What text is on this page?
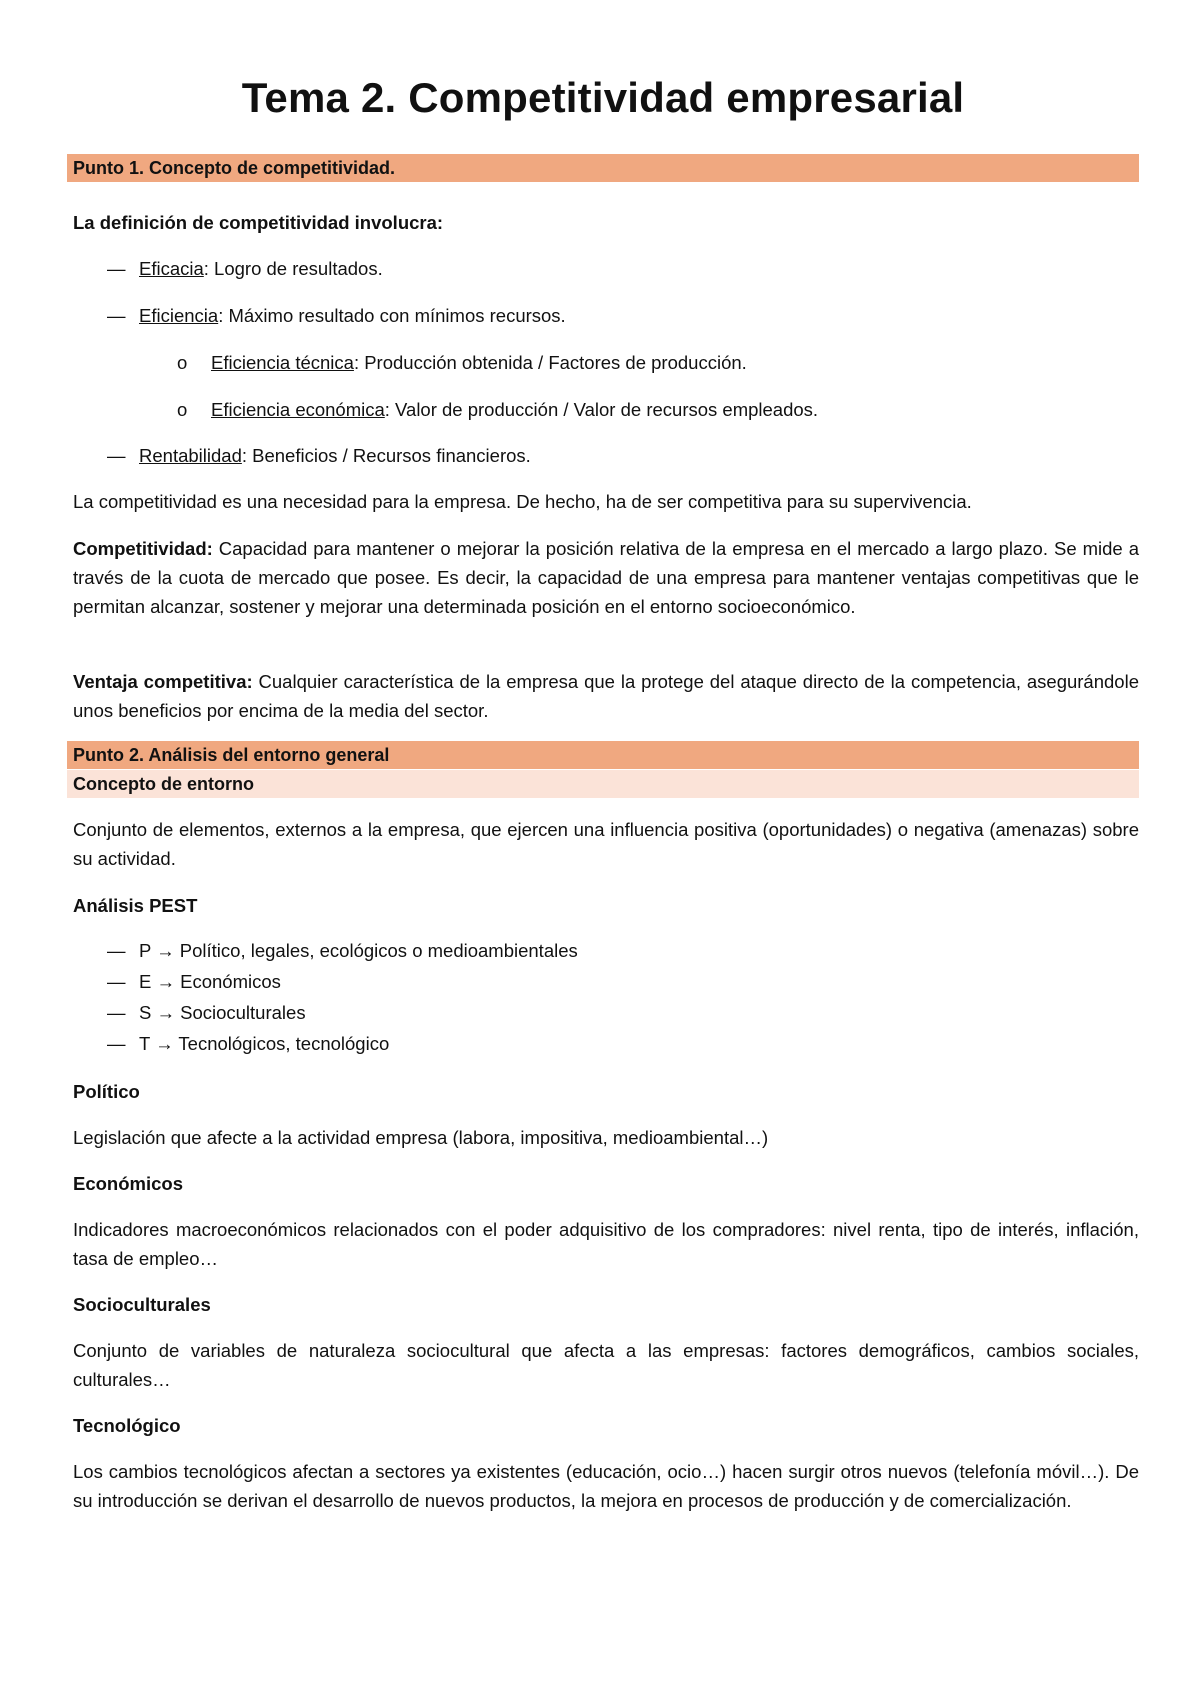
Tema 2. Competitividad empresarial
Punto 1. Concepto de competitividad.

La definición de competitividad involucra:

— Eficacia: Logro de resultados.
— Eficiencia: Máximo resultado con mínimos recursos.
o Eficiencia técnica: Producción obtenida / Factores de producción.
o Eficiencia económica: Valor de producción / Valor de recursos empleados.
— Rentabilidad: Beneficios / Recursos financieros.

La competitividad es una necesidad para la empresa. De hecho, ha de ser competitiva para su supervivencia.

Competitividad: Capacidad para mantener o mejorar la posición relativa de la empresa en el mercado a largo plazo. Se mide a través de la cuota de mercado que posee. Es decir, la capacidad de una empresa para mantener ventajas competitivas que le permitan alcanzar, sostener y mejorar una determinada posición en el entorno socioeconómico.

Ventaja competitiva: Cualquier característica de la empresa que la protege del ataque directo de la competencia, asegurándole unos beneficios por encima de la media del sector.

Punto 2. Análisis del entorno general
Concepto de entorno

Conjunto de elementos, externos a la empresa, que ejercen una influencia positiva (oportunidades) o negativa (amenazas) sobre su actividad.

Análisis PEST

— P → Político, legales, ecológicos o medioambientales
— E → Económicos
— S → Socioculturales
— T → Tecnológicos, tecnológico

Político

Legislación que afecte a la actividad empresa (labora, impositiva, medioambiental…)

Económicos

Indicadores macroeconómicos relacionados con el poder adquisitivo de los compradores: nivel renta, tipo de interés, inflación, tasa de empleo…

Socioculturales

Conjunto de variables de naturaleza sociocultural que afecta a las empresas: factores demográficos, cambios sociales, culturales…

Tecnológico

Los cambios tecnológicos afectan a sectores ya existentes (educación, ocio…) hacen surgir otros nuevos (telefonía móvil…). De su introducción se derivan el desarrollo de nuevos productos, la mejora en procesos de producción y de comercialización.
